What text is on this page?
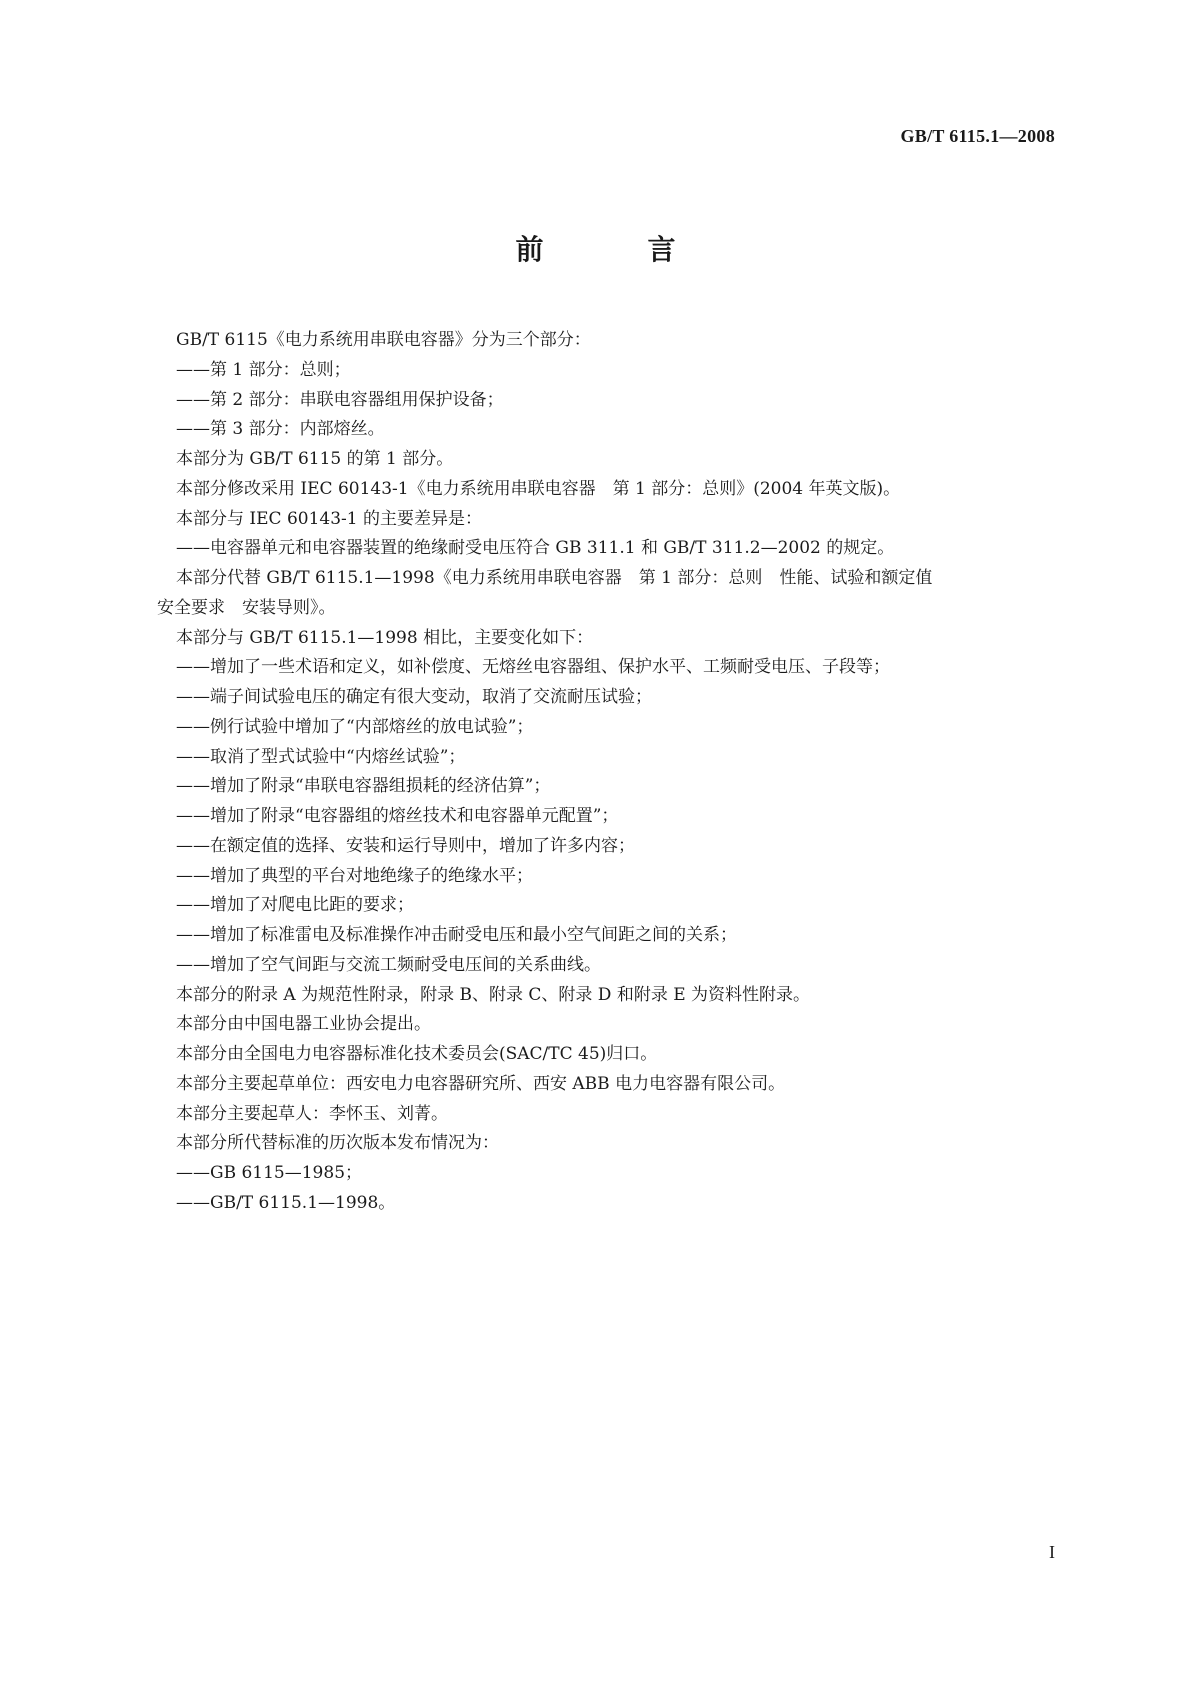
GB/T 6115.1—2008
前　言
GB/T 6115《电力系统用串联电容器》分为三个部分：
——第 1 部分：总则；
——第 2 部分：串联电容器组用保护设备；
——第 3 部分：内部熔丝。
本部分为 GB/T 6115 的第 1 部分。
本部分修改采用 IEC 60143-1《电力系统用串联电容器　第 1 部分：总则》(2004 年英文版)。
本部分与 IEC 60143-1 的主要差异是：
——电容器单元和电容器装置的绝缘耐受电压符合 GB 311.1 和 GB/T 311.2—2002 的规定。
本部分代替 GB/T 6115.1—1998《电力系统用串联电容器　第 1 部分：总则　性能、试验和额定值
安全要求　安装导则》。
本部分与 GB/T 6115.1—1998 相比，主要变化如下：
——增加了一些术语和定义，如补偿度、无熔丝电容器组、保护水平、工频耐受电压、子段等；
——端子间试验电压的确定有很大变动，取消了交流耐压试验；
——例行试验中增加了“内部熔丝的放电试验”；
——取消了型式试验中“内熔丝试验”；
——增加了附录“串联电容器组损耗的经济估算”；
——增加了附录“电容器组的熔丝技术和电容器单元配置”；
——在额定值的选择、安装和运行导则中，增加了许多内容；
——增加了典型的平台对地绝缘子的绝缘水平；
——增加了对爬电比距的要求；
——增加了标准雷电及标准操作冲击耐受电压和最小空气间距之间的关系；
——增加了空气间距与交流工频耐受电压间的关系曲线。
本部分的附录 A 为规范性附录，附录 B、附录 C、附录 D 和附录 E 为资料性附录。
本部分由中国电器工业协会提出。
本部分由全国电力电容器标准化技术委员会(SAC/TC 45)归口。
本部分主要起草单位：西安电力电容器研究所、西安 ABB 电力电容器有限公司。
本部分主要起草人：李怀玉、刘菁。
本部分所代替标准的历次版本发布情况为：
——GB 6115—1985；
——GB/T 6115.1—1998。
I
